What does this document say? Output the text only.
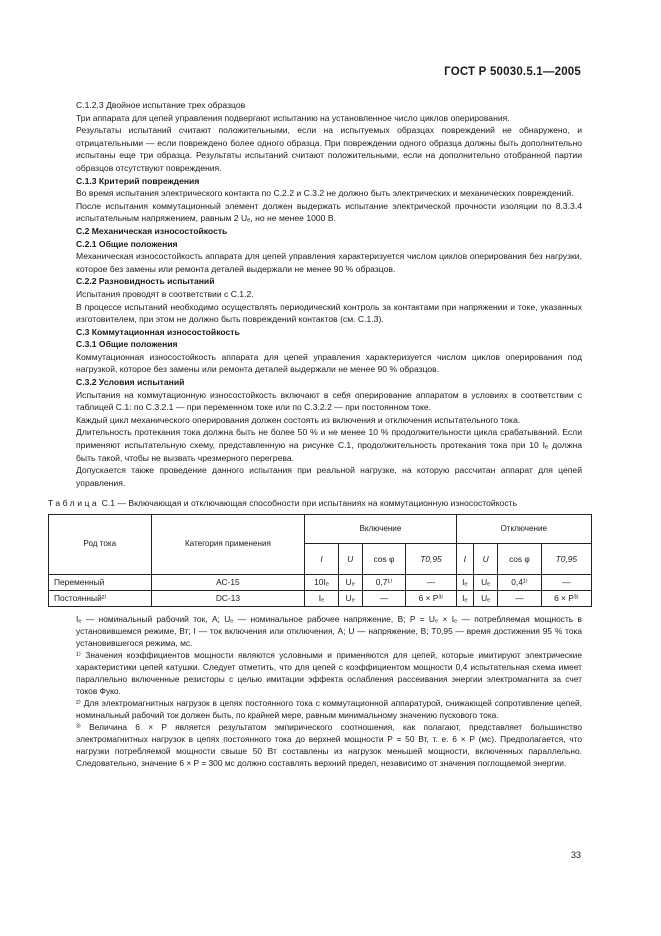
ГОСТ Р 50030.5.1—2005

С.1.2.3 Двойное испытание трех образцов

Три аппарата для цепей управления подвергают испытанию на установленное число циклов оперирования.

Результаты испытаний считают положительными, если на испытуемых образцах повреждений не обнаружено, и отрицательными — если повреждено более одного образца. При повреждении одного образца должны быть дополнительно испытаны еще три образца. Результаты испытаний считают положительными, если на дополнительно отобранной партии образцов отсутствуют повреждения.

С.1.3 Критерий повреждения

Во время испытания электрического контакта по С.2.2 и С.3.2 не должно быть электрических и механических повреждений.

После испытания коммутационный элемент должен выдержать испытание электрической прочности изоляции по 8.3.3.4 испытательным напряжением, равным 2 Uₑ, но не менее 1000 В.

С.2 Механическая износостойкость

С.2.1 Общие положения

Механическая износостойкость аппарата для цепей управления характеризуется числом циклов оперирования без нагрузки, которое без замены или ремонта деталей выдержали не менее 90 % образцов.

С.2.2 Разновидность испытаний

Испытания проводят в соответствии с С.1.2.

В процессе испытаний необходимо осуществлять периодический контроль за контактами при напряжении и токе, указанных изготовителем, при этом не должно быть повреждений контактов (см. С.1.3).

С.3 Коммутационная износостойкость

С.3.1 Общие положения

Коммутационная износостойкость аппарата для цепей управления характеризуется числом циклов оперирования под нагрузкой, которое без замены или ремонта деталей выдержали не менее 90 % образцов.

С.3.2 Условия испытаний

Испытания на коммутационную износостойкость включают в себя оперирование аппаратом в условиях в соответствии с таблицей С.1: по С.3.2.1 — при переменном токе или по С.3.2.2 — при постоянном токе.

Каждый цикл механического оперирования должен состоять из включения и отключения испытательного тока.

Длительность протекания тока должна быть не более 50 % и не менее 10 % продолжительности цикла срабатываний. Если применяют испытательную схему, представленную на рисунке С.1, продолжительность протекания тока при 10 Iₑ должна быть такой, чтобы не вызвать чрезмерного перегрева.

Допускается также проведение данного испытания при реальной нагрузке, на которую рассчитан аппарат для цепей управления.

Таблица С.1 — Включающая и отключающая способности при испытаниях на коммутационную износостойкость

Род тока	Категория применения	Включение				Отключение			
		I	U	cos φ	T0,95	I	U	cos φ	T0,95
Переменный	АС-15	10Iₑ	Uₑ	0,7¹⁾	—	Iₑ	Uₑ	0,4¹⁾	—
Постоянный²⁾	DC-13	Iₑ	Uₑ	—	6 × P³⁾	Iₑ	Uₑ	—	6 × P³⁾

Iₑ — номинальный рабочий ток, А; Uₑ — номинальное рабочее напряжение, В; P = Uₑ × Iₑ — потребляемая мощность в установившемся режиме, Вт; I — ток включения или отключения, А; U — напряжение, В; T0,95 — время достижения 95 % тока установившегося режима, мс.

¹⁾ Значения коэффициентов мощности являются условными и применяются для цепей, которые имитируют электрические характеристики цепей катушки. Следует отметить, что для цепей с коэффициентом мощности 0,4 испытательная схема имеет параллельно включенные резисторы с целью имитации эффекта ослабления рассеивания энергии электромагнита за счет токов Фуко.

²⁾ Для электромагнитных нагрузок в цепях постоянного тока с коммутационной аппаратурой, снижающей сопротивление цепей, номинальный рабочий ток должен быть, по крайней мере, равным минимальному значению пускового тока.

³⁾ Величина 6 × P является результатом эмпирического соотношения, как полагают, представляет большинство электромагнитных нагрузок в цепях постоянного тока до верхней мощности P = 50 Вт, т. е. 6 × P (мс). Предполагается, что нагрузки потребляемой мощности свыше 50 Вт составлены из нагрузок меньшей мощности, включенных параллельно. Следовательно, значение 6 × P = 300 мс должно составлять верхний предел, независимо от значения поглощаемой энергии.

33
